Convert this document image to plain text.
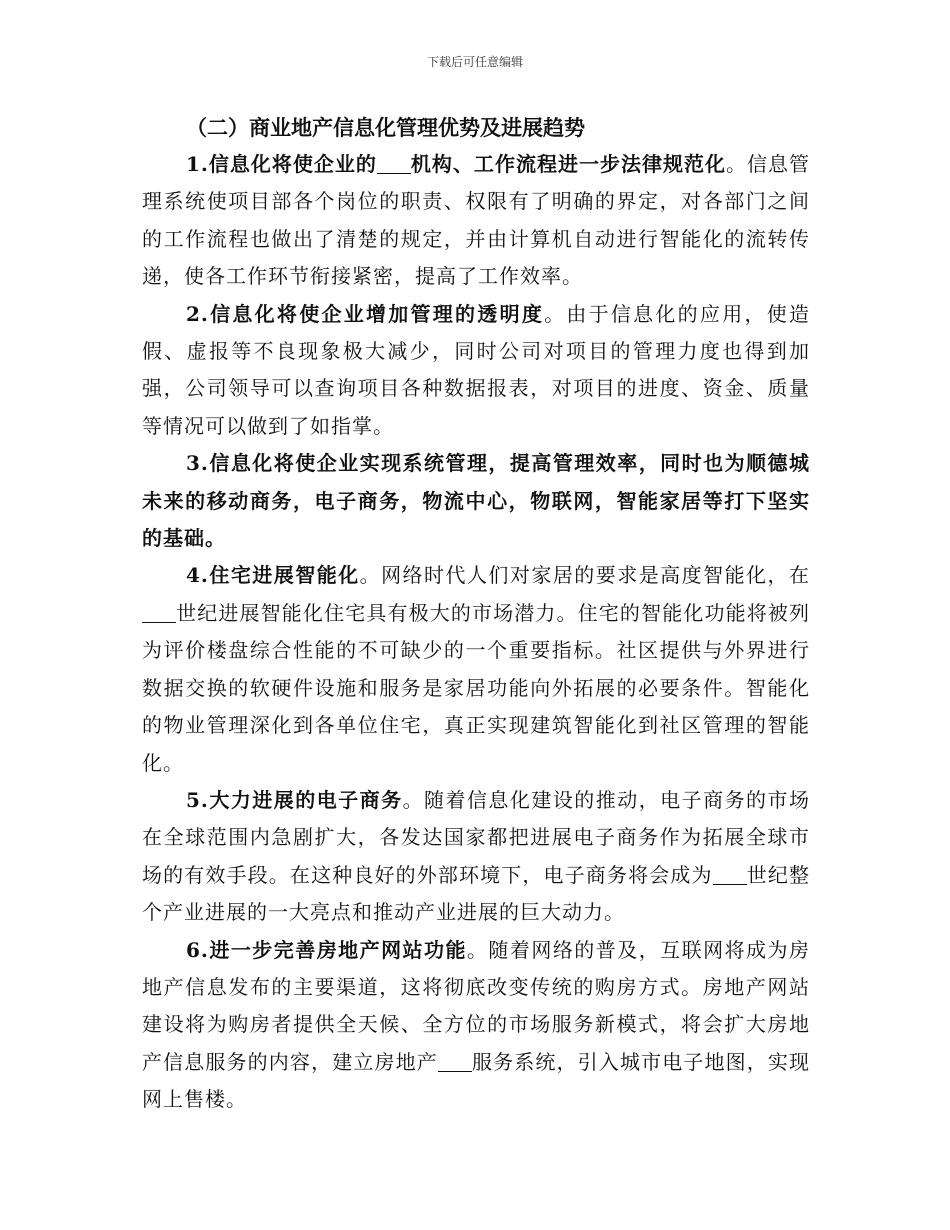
下载后可任意编辑
（二）商业地产信息化管理优势及进展趋势

1.信息化将使企业的 机构、工作流程进一步法律规范化。信息管理系统使项目部各个岗位的职责、权限有了明确的界定，对各部门之间的工作流程也做出了清楚的规定，并由计算机自动进行智能化的流转传递，使各工作环节衔接紧密，提高了工作效率。

2.信息化将使企业增加管理的透明度。由于信息化的应用，使造假、虚报等不良现象极大减少，同时公司对项目的管理力度也得到加强，公司领导可以查询项目各种数据报表，对项目的进度、资金、质量等情况可以做到了如指掌。

3.信息化将使企业实现系统管理，提高管理效率，同时也为顺德城未来的移动商务，电子商务，物流中心，物联网，智能家居等打下坚实的基础。

4.住宅进展智能化。网络时代人们对家居的要求是高度智能化，在世纪进展智能化住宅具有极大的市场潜力。住宅的智能化功能将被列为评价楼盘综合性能的不可缺少的一个重要指标。社区提供与外界进行数据交换的软硬件设施和服务是家居功能向外拓展的必要条件。智能化的物业管理深化到各单位住宅，真正实现建筑智能化到社区管理的智能化。

5.大力进展的电子商务。随着信息化建设的推动，电子商务的市场在全球范围内急剧扩大，各发达国家都把进展电子商务作为拓展全球市场的有效手段。在这种良好的外部环境下，电子商务将会成为 世纪整个产业进展的一大亮点和推动产业进展的巨大动力。

6.进一步完善房地产网站功能。随着网络的普及，互联网将成为房地产信息发布的主要渠道，这将彻底改变传统的购房方式。房地产网站建设将为购房者提供全天候、全方位的市场服务新模式，将会扩大房地产信息服务的内容，建立房地产 服务系统，引入城市电子地图，实现网上售楼。
